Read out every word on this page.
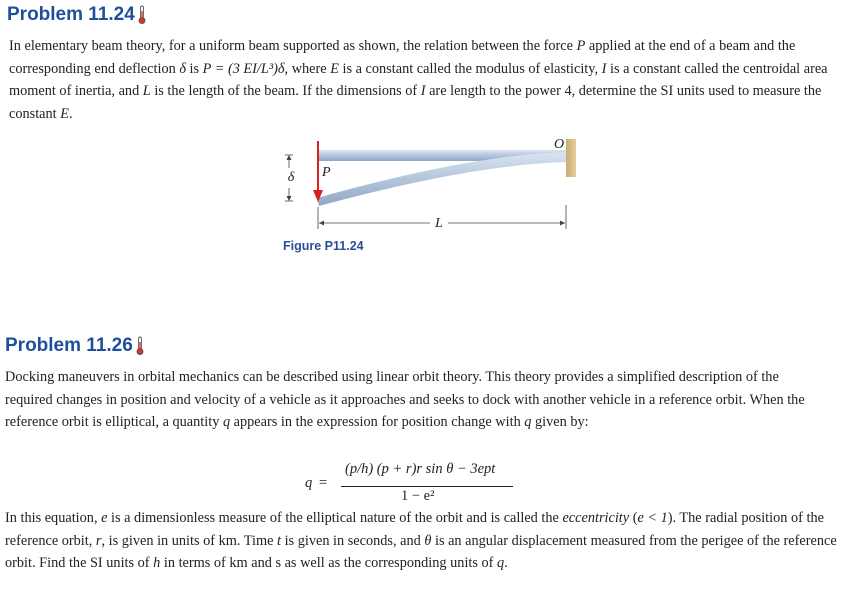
Problem 11.24

In elementary beam theory, for a uniform beam supported as shown, the relation between the force P applied at the end of a beam and the corresponding end deflection δ is P = (3 EI/L³)δ, where E is a constant called the modulus of elasticity, I is a constant called the centroidal area moment of inertia, and L is the length of the beam. If the dimensions of I are length to the power 4, determine the SI units used to measure the constant E.

δ P
L
O

Figure P11.24

Problem 11.26

Docking maneuvers in orbital mechanics can be described using linear orbit theory. This theory provides a simplified description of the required changes in position and velocity of a vehicle as it approaches and seeks to dock with another vehicle in a reference orbit. When the reference orbit is elliptical, a quantity q appears in the expression for position change with q given by:

q =
(p/h) (p + r)r sin θ − 3ept
1 − e²

In this equation, e is a dimensionless measure of the elliptical nature of the orbit and is called the eccentricity (e < 1). The radial position of the reference orbit, r, is given in units of km. Time t is given in seconds, and θ is an angular displacement measured from the perigee of the reference orbit. Find the SI units of h in terms of km and s as well as the corresponding units of q.
